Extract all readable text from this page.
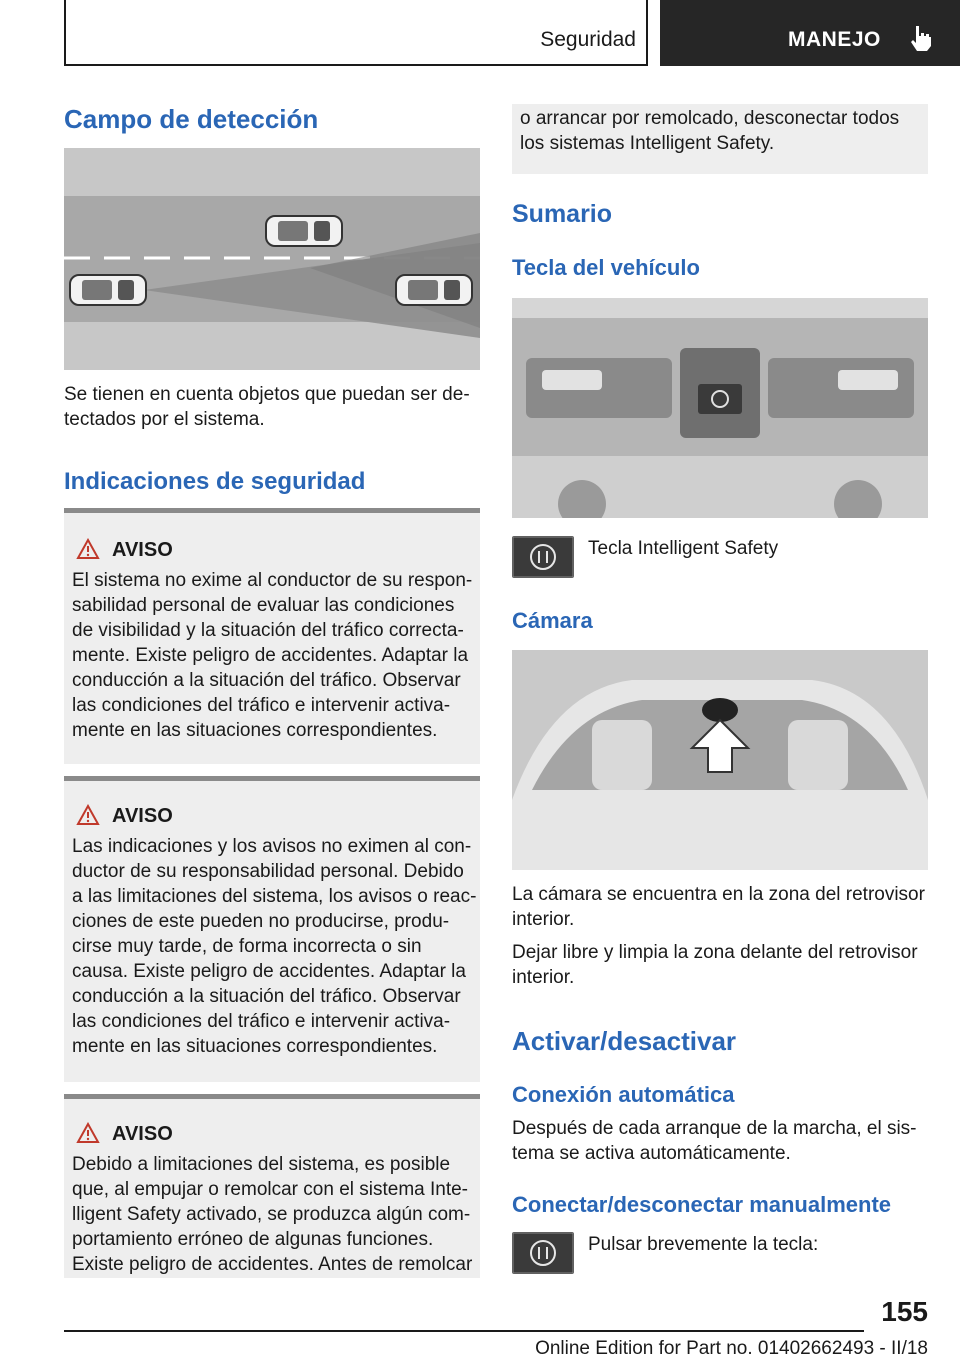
Seguridad	MANEJO
Campo de detección
Se tienen en cuenta objetos que puedan ser de-
tectados por el sistema.
Indicaciones de seguridad
AVISO
El sistema no exime al conductor de su respon-
sabilidad personal de evaluar las condiciones
de visibilidad y la situación del tráfico correcta-
mente. Existe peligro de accidentes. Adaptar la
conducción a la situación del tráfico. Observar
las condiciones del tráfico e intervenir activa-
mente en las situaciones correspondientes.
AVISO
Las indicaciones y los avisos no eximen al con-
ductor de su responsabilidad personal. Debido
a las limitaciones del sistema, los avisos o reac-
ciones de este pueden no producirse, produ-
cirse muy tarde, de forma incorrecta o sin
causa. Existe peligro de accidentes. Adaptar la
conducción a la situación del tráfico. Observar
las condiciones del tráfico e intervenir activa-
mente en las situaciones correspondientes.
AVISO
Debido a limitaciones del sistema, es posible
que, al empujar o remolcar con el sistema Inte-
lligent Safety activado, se produzca algún com-
portamiento erróneo de algunas funciones.
Existe peligro de accidentes. Antes de remolcar
o arrancar por remolcado, desconectar todos
los sistemas Intelligent Safety.
Sumario
Tecla del vehículo
Tecla Intelligent Safety
Cámara
La cámara se encuentra en la zona del retrovisor
interior.
Dejar libre y limpia la zona delante del retrovisor
interior.
Activar/desactivar
Conexión automática
Después de cada arranque de la marcha, el sis-
tema se activa automáticamente.
Conectar/desconectar manualmente
Pulsar brevemente la tecla:
155
Online Edition for Part no. 01402662493 - II/18
